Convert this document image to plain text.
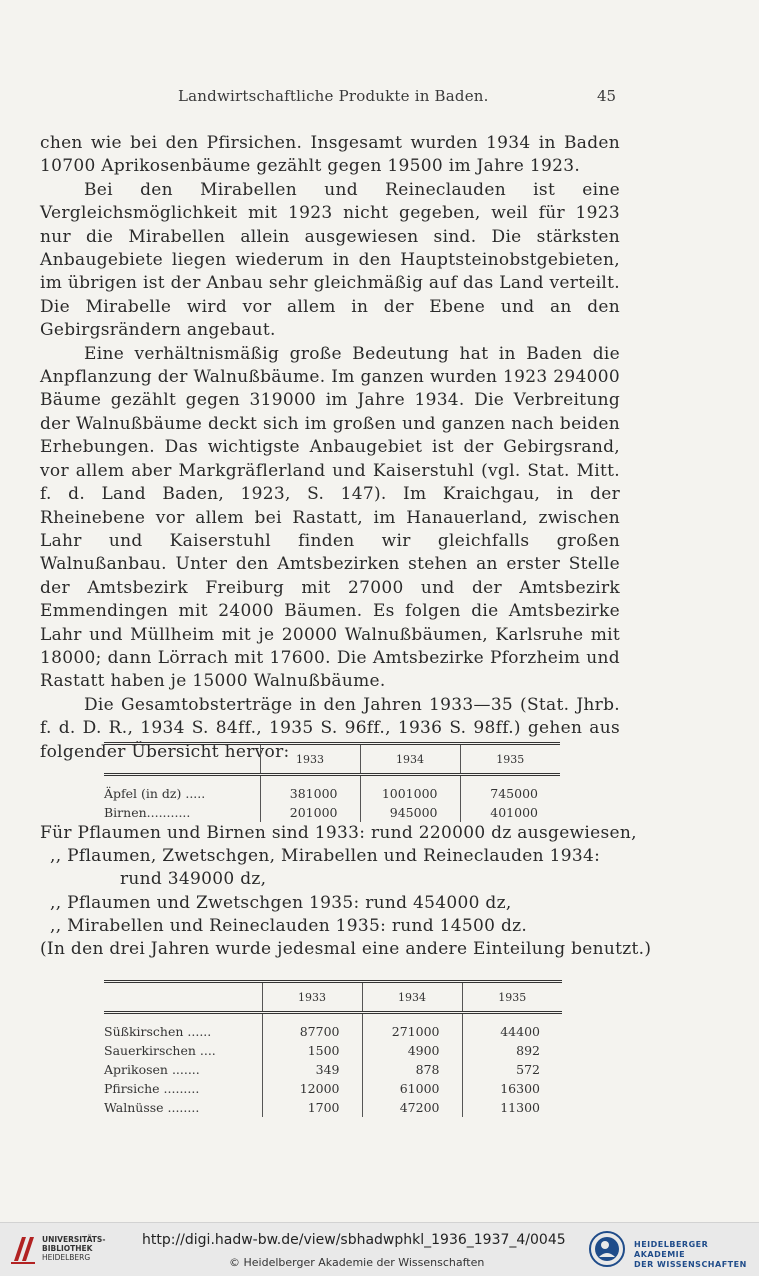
Landwirtschaftliche Produkte in Baden.	45

chen wie bei den Pfirsichen. Insgesamt wurden 1934 in Baden 10700 Aprikosenbäume gezählt gegen 19500 im Jahre 1923.

Bei den Mirabellen und Reineclauden ist eine Vergleichsmöglichkeit mit 1923 nicht gegeben, weil für 1923 nur die Mirabellen allein ausgewiesen sind. Die stärksten Anbaugebiete liegen wiederum in den Hauptsteinobstgebieten, im übrigen ist der Anbau sehr gleichmäßig auf das Land verteilt. Die Mirabelle wird vor allem in der Ebene und an den Gebirgsrändern angebaut.

Eine verhältnismäßig große Bedeutung hat in Baden die Anpflanzung der Walnußbäume. Im ganzen wurden 1923 294000 Bäume gezählt gegen 319000 im Jahre 1934. Die Verbreitung der Walnußbäume deckt sich im großen und ganzen nach beiden Erhebungen. Das wichtigste Anbaugebiet ist der Gebirgsrand, vor allem aber Markgräflerland und Kaiserstuhl (vgl. Stat. Mitt. f. d. Land Baden, 1923, S. 147). Im Kraichgau, in der Rheinebene vor allem bei Rastatt, im Hanauerland, zwischen Lahr und Kaiserstuhl finden wir gleichfalls großen Walnußanbau. Unter den Amtsbezirken stehen an erster Stelle der Amtsbezirk Freiburg mit 27000 und der Amtsbezirk Emmendingen mit 24000 Bäumen. Es folgen die Amtsbezirke Lahr und Müllheim mit je 20000 Walnußbäumen, Karlsruhe mit 18000; dann Lörrach mit 17600. Die Amtsbezirke Pforzheim und Rastatt haben je 15000 Walnußbäume.

Die Gesamtobsterträge in den Jahren 1933—35 (Stat. Jhrb. f. d. D. R., 1934 S. 84ff., 1935 S. 96ff., 1936 S. 98ff.) gehen aus folgender Übersicht hervor:

	1933	1934	1935
Äpfel (in dz) .....	381000	1001000	745000
Birnen...........	201000	945000	401000
Für Pflaumen und Birnen sind 1933: rund 220000 dz ausgewiesen,
,, Pflaumen, Zwetschgen, Mirabellen und Reineclauden 1934:
rund 349000 dz,
,, Pflaumen und Zwetschgen 1935: rund 454000 dz,
,, Mirabellen und Reineclauden 1935: rund 14500 dz.
(In den drei Jahren wurde jedesmal eine andere Einteilung benutzt.)
	1933	1934	1935
Süßkirschen ......	87700	271000	44400
Sauerkirschen ....	1500	4900	892
Aprikosen .......	349	878	572
Pfirsiche .........	12000	61000	16300
Walnüsse ........	1700	47200	11300
UNIVERSITÄTS-
BIBLIOTHEK
HEIDELBERG
http://digi.hadw-bw.de/view/sbhadwphkl_1936_1937_4/0045
© Heidelberger Akademie der Wissenschaften
HEIDELBERGER AKADEMIE
DER WISSENSCHAFTEN
